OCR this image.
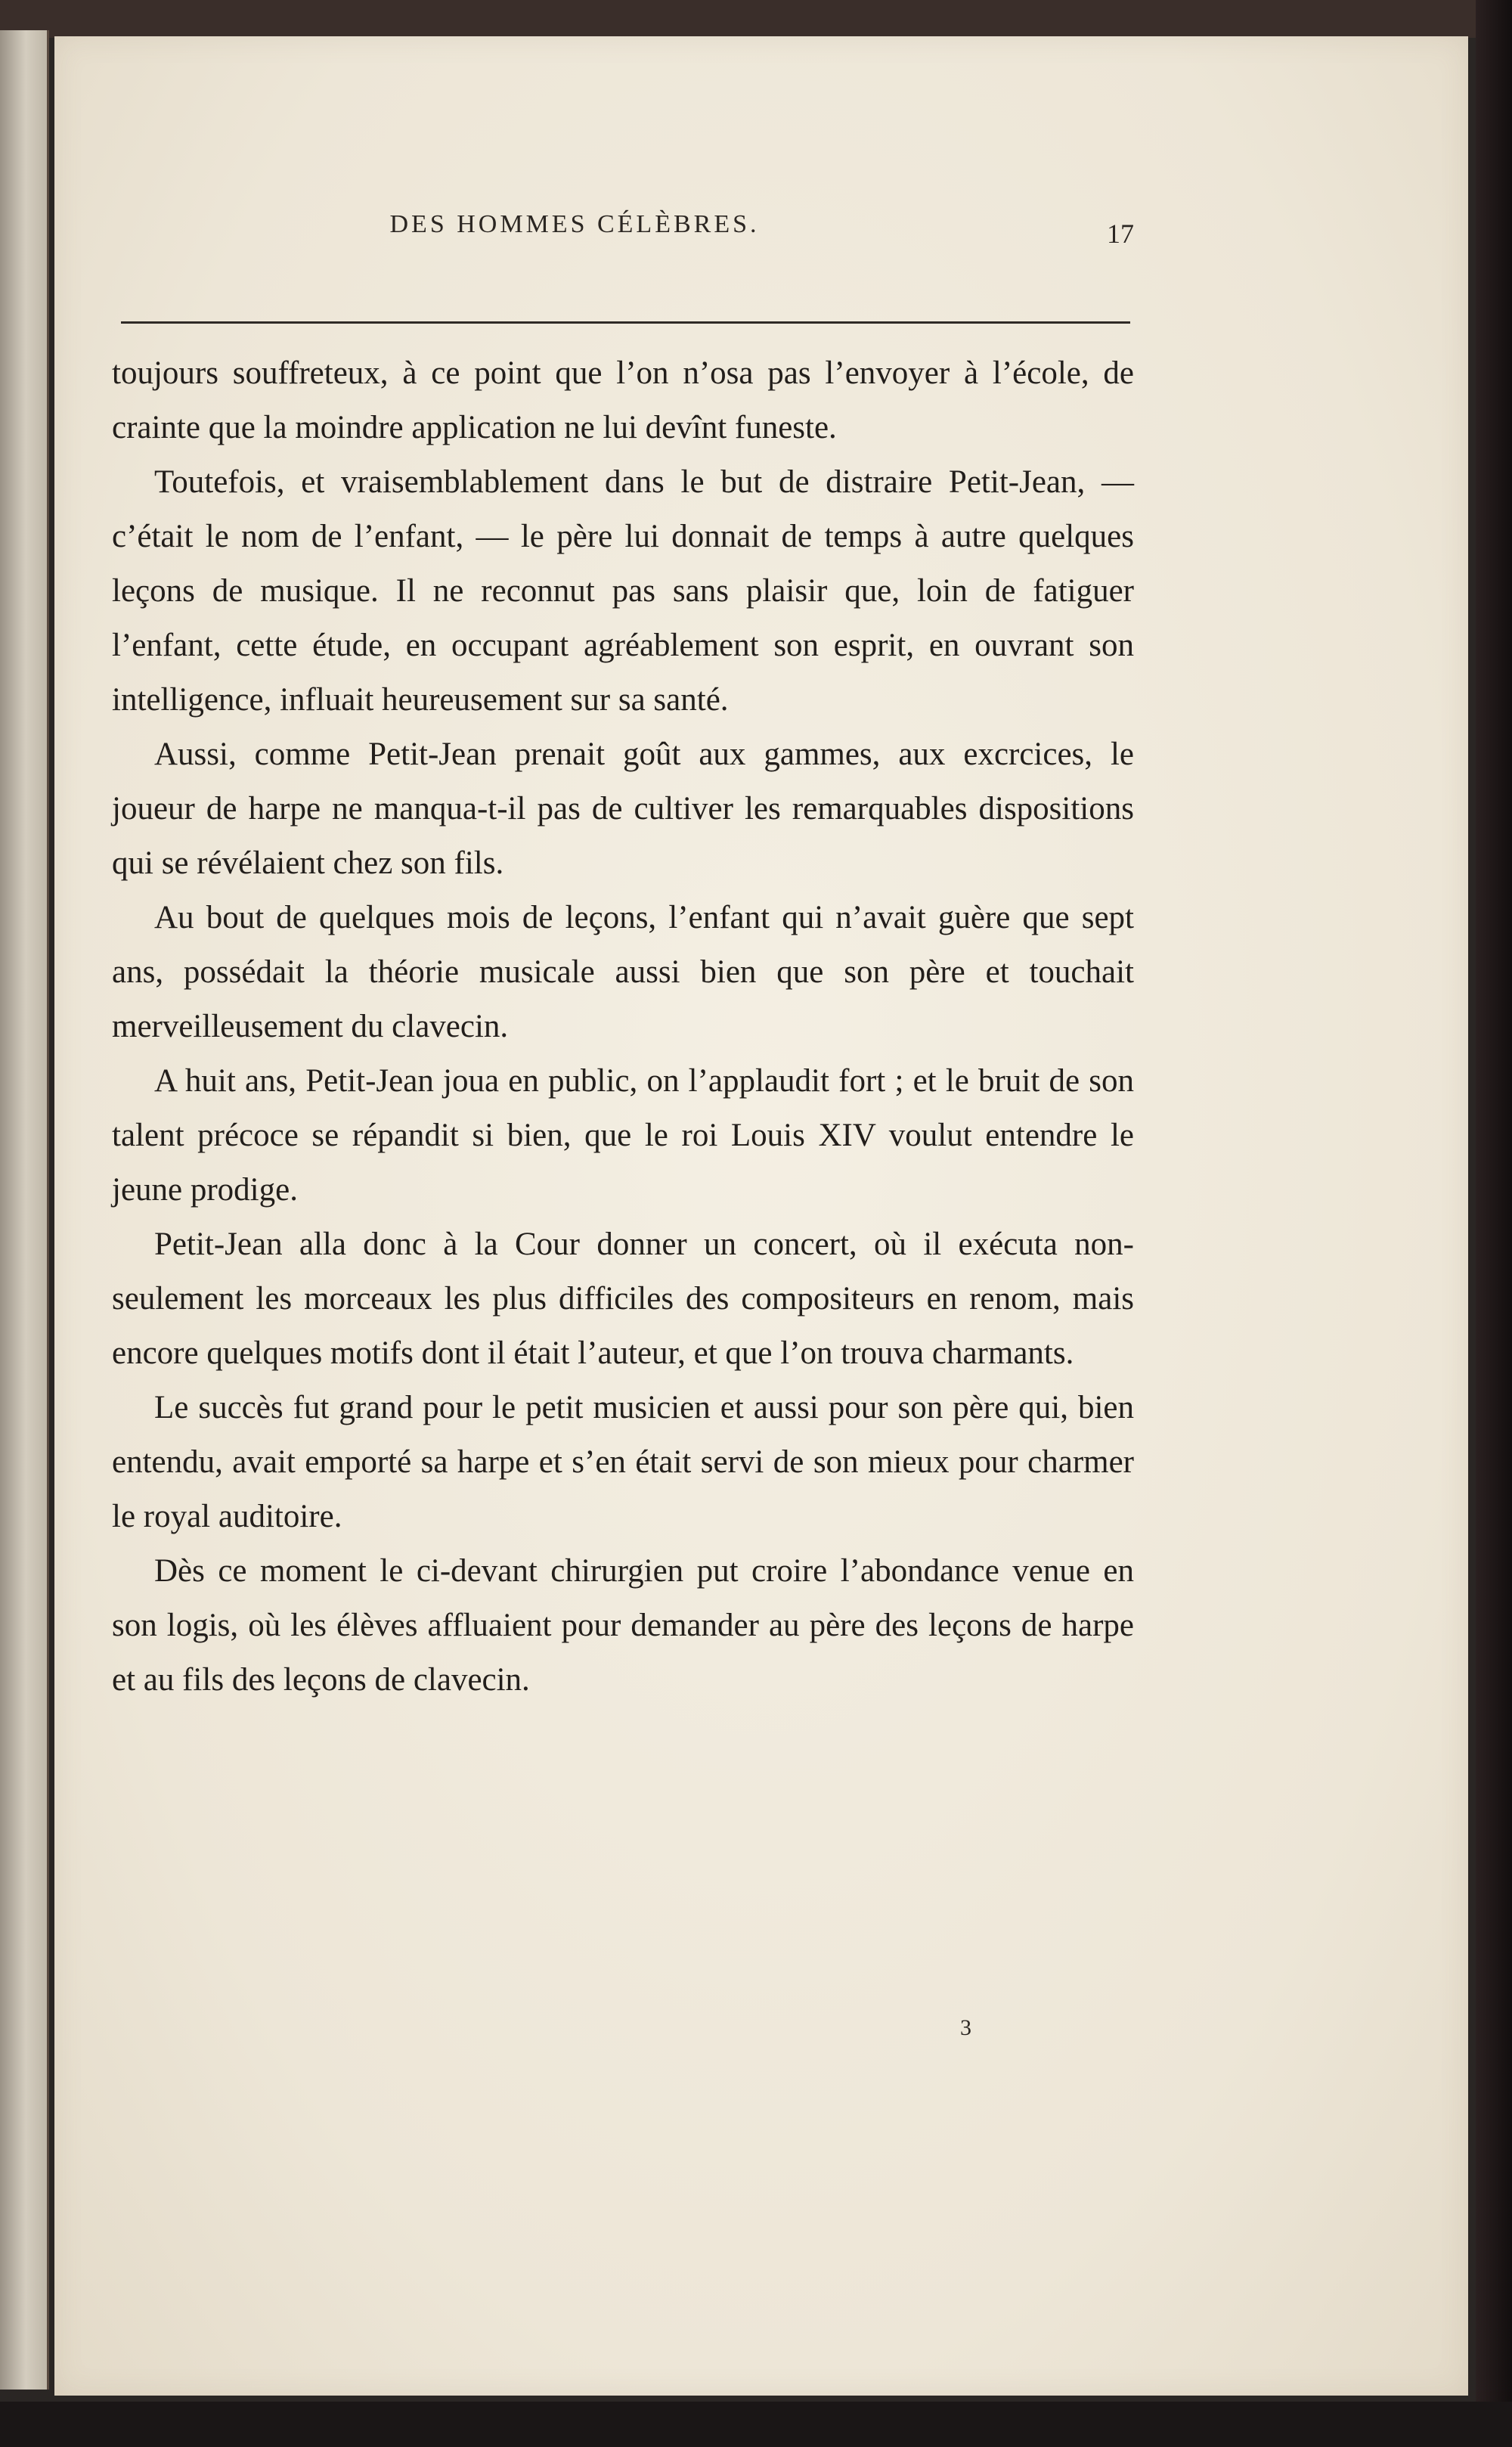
DES HOMMES CÉLÈBRES.	17

toujours souffreteux, à ce point que l’on n’osa pas l’envoyer à l’école, de crainte que la moindre application ne lui devînt funeste.

Toutefois, et vraisemblablement dans le but de distraire Petit-Jean, — c’était le nom de l’enfant, — le père lui donnait de temps à autre quelques leçons de musique. Il ne reconnut pas sans plaisir que, loin de fatiguer l’enfant, cette étude, en occupant agréablement son esprit, en ouvrant son intelligence, influait heureusement sur sa santé.

Aussi, comme Petit-Jean prenait goût aux gammes, aux excrcices, le joueur de harpe ne manqua-t-il pas de cultiver les remarquables dispositions qui se révélaient chez son fils.

Au bout de quelques mois de leçons, l’enfant qui n’avait guère que sept ans, possédait la théorie musicale aussi bien que son père et touchait merveilleusement du clavecin.

A huit ans, Petit-Jean joua en public, on l’applaudit fort ; et le bruit de son talent précoce se répandit si bien, que le roi Louis XIV voulut entendre le jeune prodige.

Petit-Jean alla donc à la Cour donner un concert, où il exécuta non-seulement les morceaux les plus difficiles des compositeurs en renom, mais encore quelques motifs dont il était l’auteur, et que l’on trouva charmants.

Le succès fut grand pour le petit musicien et aussi pour son père qui, bien entendu, avait emporté sa harpe et s’en était servi de son mieux pour charmer le royal auditoire.

Dès ce moment le ci-devant chirurgien put croire l’abondance venue en son logis, où les élèves affluaient pour demander au père des leçons de harpe et au fils des leçons de clavecin.

3
